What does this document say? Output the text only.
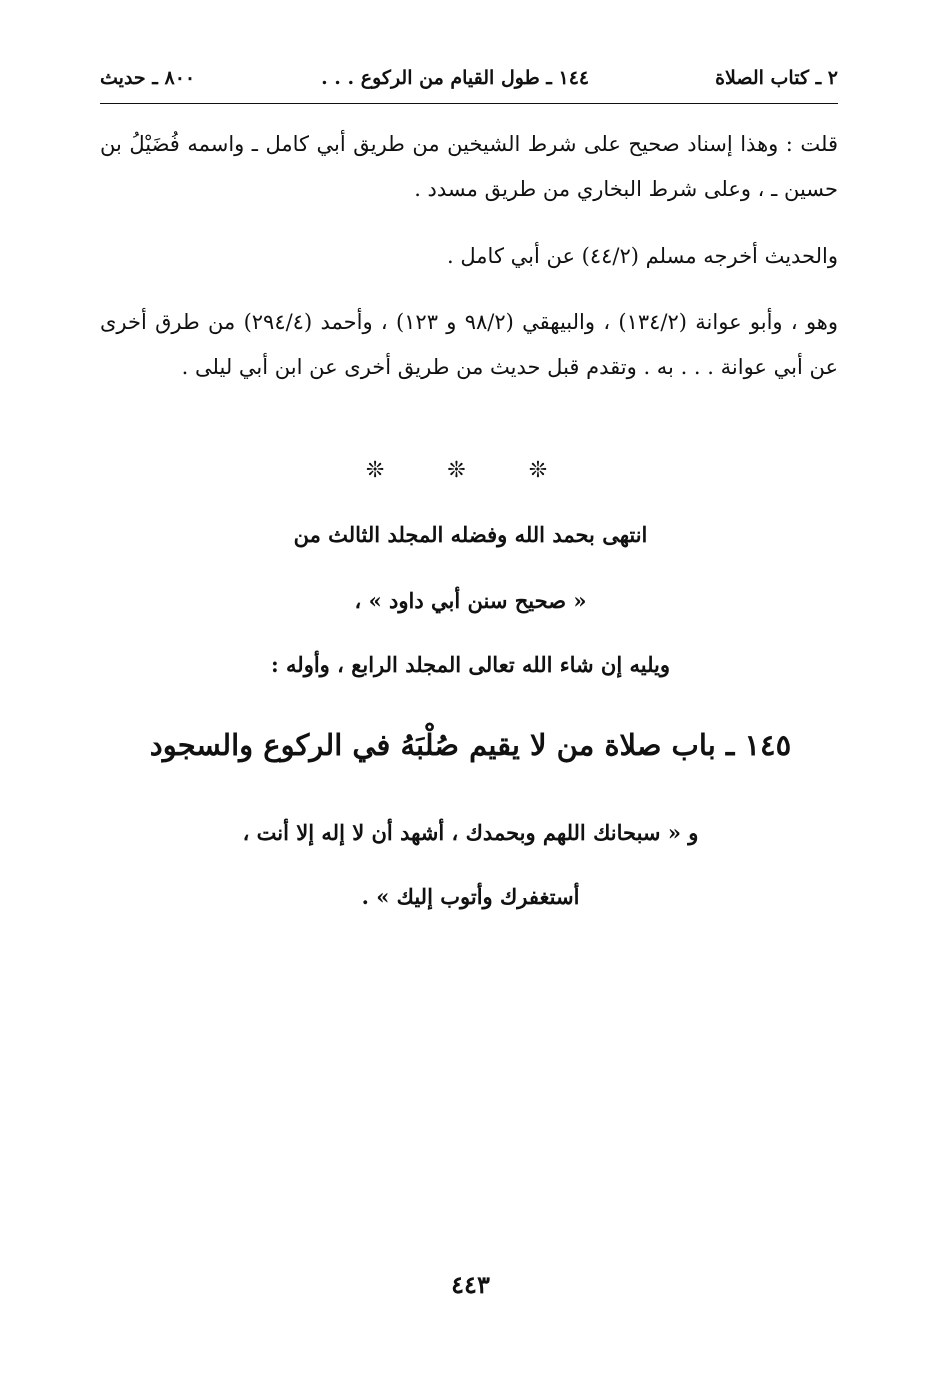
٢ ـ كتاب الصلاة
١٤٤ ـ طول القيام من الركوع . . .
٨٠٠ ـ حديث
قلت : وهذا إسناد صحيح على شرط الشيخين من طريق أبي كامل ـ واسمه فُضَيْلُ بن حسين ـ ، وعلى شرط البخاري من طريق مسدد .
والحديث أخرجه مسلم (٤٤/٢) عن أبي كامل .
وهو ، وأبو عوانة (١٣٤/٢) ، والبيهقي (٩٨/٢ و ١٢٣) ، وأحمد (٢٩٤/٤) من طرق أخرى عن أبي عوانة . . . به . وتقدم قبل حديث من طريق أخرى عن ابن أبي ليلى .
❊ ❊ ❊
انتهى بحمد الله وفضله المجلد الثالث من
« صحيح سنن أبي داود » ،
ويليه إن شاء الله تعالى المجلد الرابع ، وأوله :
١٤٥ ـ باب صلاة من لا يقيم صُلْبَهُ في الركوع والسجود
و « سبحانك اللهم وبحمدك ، أشهد أن لا إله إلا أنت ،
أستغفرك وأتوب إليك » .
٤٤٣
